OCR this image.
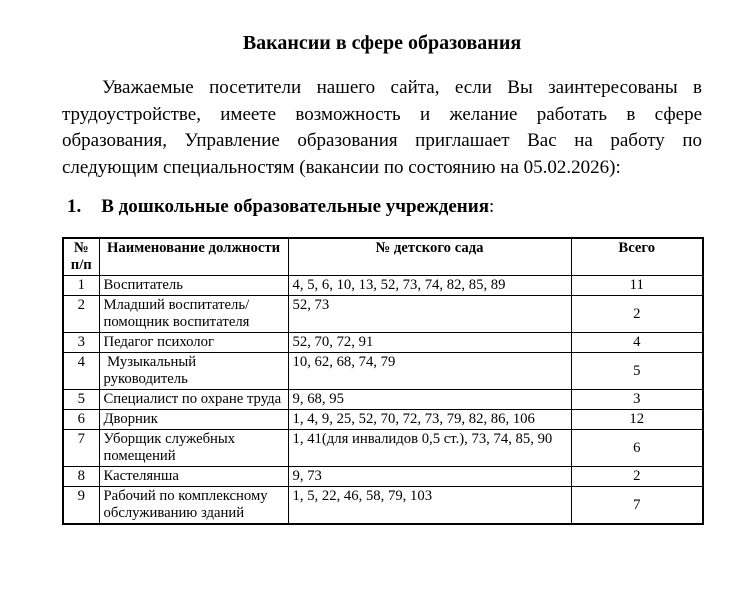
Вакансии в сфере образования

Уважаемые посетители нашего сайта, если Вы заинтересованы в трудоустройстве, имеете возможность и желание работать в сфере образования, Управление образования приглашает Вас на работу по следующим специальностям (вакансии по состоянию на 05.02.2026):

1. В дошкольные образовательные учреждения:
№ п/п	Наименование должности	№ детского сада	Всего
1	Воспитатель	4, 5, 6, 10, 13, 52, 73, 74, 82, 85, 89	11
2	Младший воспитатель/помощник воспитателя	52, 73	2
3	Педагог психолог	52, 70, 72, 91	4
4	Музыкальный руководитель	10, 62, 68, 74, 79	5
5	Специалист по охране труда	9, 68, 95	3
6	Дворник	1, 4, 9, 25, 52, 70, 72, 73, 79, 82, 86, 106	12
7	Уборщик служебных помещений	1, 41(для инвалидов 0,5 ст.), 73, 74, 85, 90	6
8	Кастелянша	9, 73	2
9	Рабочий по комплексному обслуживанию зданий	1, 5, 22, 46, 58, 79, 103	7
